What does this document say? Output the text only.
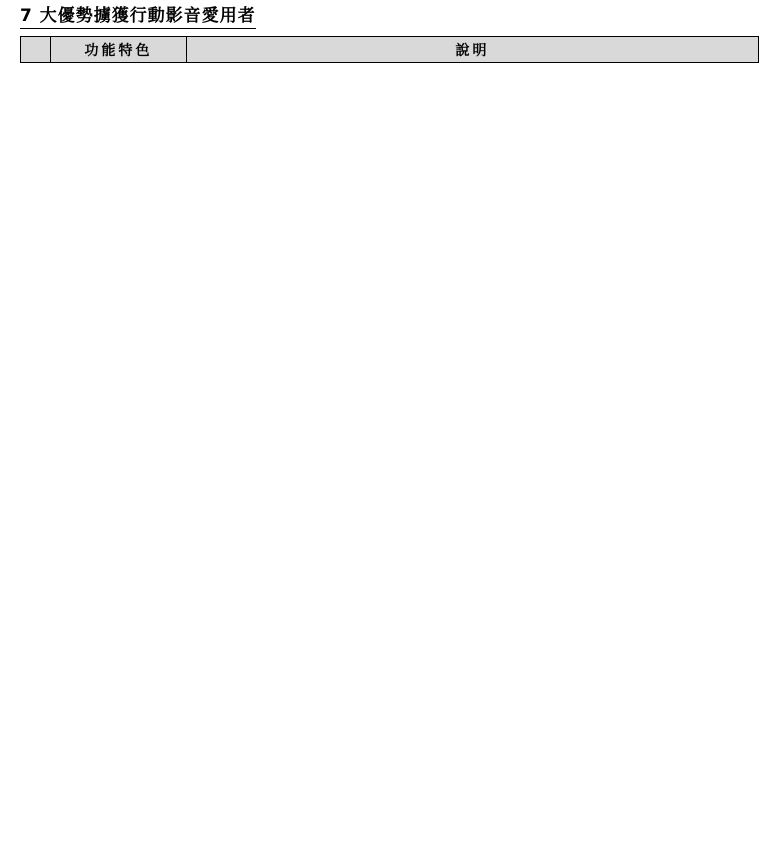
7 大優勢擄獲行動影音愛用者
	功能特色	說明
